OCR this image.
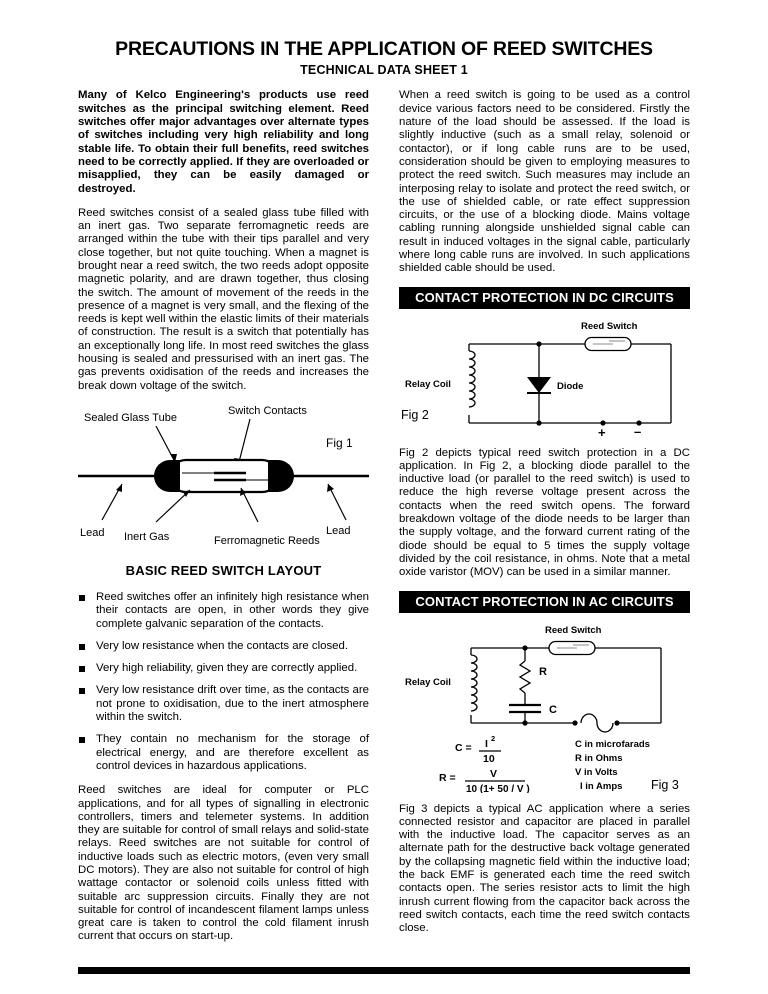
PRECAUTIONS IN THE APPLICATION OF REED SWITCHES
TECHNICAL DATA SHEET 1

Many of Kelco Engineering's products use reed switches as the principal switching element. Reed switches offer major advantages over alternate types of switches including very high reliability and long stable life. To obtain their full benefits, reed switches need to be correctly applied. If they are overloaded or misapplied, they can be easily damaged or destroyed.

Reed switches consist of a sealed glass tube filled with an inert gas. Two separate ferromagnetic reeds are arranged within the tube with their tips parallel and very close together, but not quite touching. When a magnet is brought near a reed switch, the two reeds adopt opposite magnetic polarity, and are drawn together, thus closing the switch. The amount of movement of the reeds in the presence of a magnet is very small, and the flexing of the reeds is kept well within the elastic limits of their materials of construction. The result is a switch that potentially has an exceptionally long life. In most reed switches the glass housing is sealed and pressurised with an inert gas. The gas prevents oxidisation of the reeds and increases the break down voltage of the switch.

Sealed Glass Tube
Switch Contacts
Fig 1
Lead Inert Gas	Ferromagnetic Reeds
Lead
BASIC REED SWITCH LAYOUT
Reed switches offer an infinitely high resistance when their contacts are open, in other words they give complete galvanic separation of the contacts.
Very low resistance when the contacts are closed.
Very high reliability, given they are correctly applied.
Very low resistance drift over time, as the contacts are not prone to oxidisation, due to the inert atmosphere within the switch.
They contain no mechanism for the storage of electrical energy, and are therefore excellent as control devices in hazardous applications.

Reed switches are ideal for computer or PLC applications, and for all types of signalling in electronic controllers, timers and telemeter systems. In addition they are suitable for control of small relays and solid-state relays. Reed switches are not suitable for control of inductive loads such as electric motors, (even very small DC motors). They are also not suitable for control of high wattage contactor or solenoid coils unless fitted with suitable arc suppression circuits. Finally they are not suitable for control of incandescent filament lamps unless great care is taken to control the cold filament inrush current that occurs on start-up.

When a reed switch is going to be used as a control device various factors need to be considered. Firstly the nature of the load should be assessed. If the load is slightly inductive (such as a small relay, solenoid or contactor), or if long cable runs are to be used, consideration should be given to employing measures to protect the reed switch. Such measures may include an interposing relay to isolate and protect the reed switch, or the use of shielded cable, or rate effect suppression circuits, or the use of a blocking diode. Mains voltage cabling running alongside unshielded signal cable can result in induced voltages in the signal cable, particularly where long cable runs are involved. In such applications shielded cable should be used.

CONTACT PROTECTION IN DC CIRCUITS
Reed Switch
Relay Coil	Diode
+ –
Fig 2

Fig 2 depicts typical reed switch protection in a DC application. In Fig 2, a blocking diode parallel to the inductive load (or parallel to the reed switch) is used to reduce the high reverse voltage present across the contacts when the reed switch opens. The forward breakdown voltage of the diode needs to be larger than the supply voltage, and the forward current rating of the diode should be equal to 5 times the supply voltage divided by the coil resistance, in ohms. Note that a metal oxide varistor (MOV) can be used in a similar manner.

CONTACT PROTECTION IN AC CIRCUITS
Reed Switch
Relay Coil
R
C
C = I 2
10
R =	V
10 (1+ 50 / V )
C in microfarads
R in Ohms
V in Volts
I in Amps Fig 3

Fig 3 depicts a typical AC application where a series connected resistor and capacitor are placed in parallel with the inductive load. The capacitor serves as an alternate path for the destructive back voltage generated by the collapsing magnetic field within the inductive load; the back EMF is generated each time the reed switch contacts open. The series resistor acts to limit the high inrush current flowing from the capacitor back across the reed switch contacts, each time the reed switch contacts close.
